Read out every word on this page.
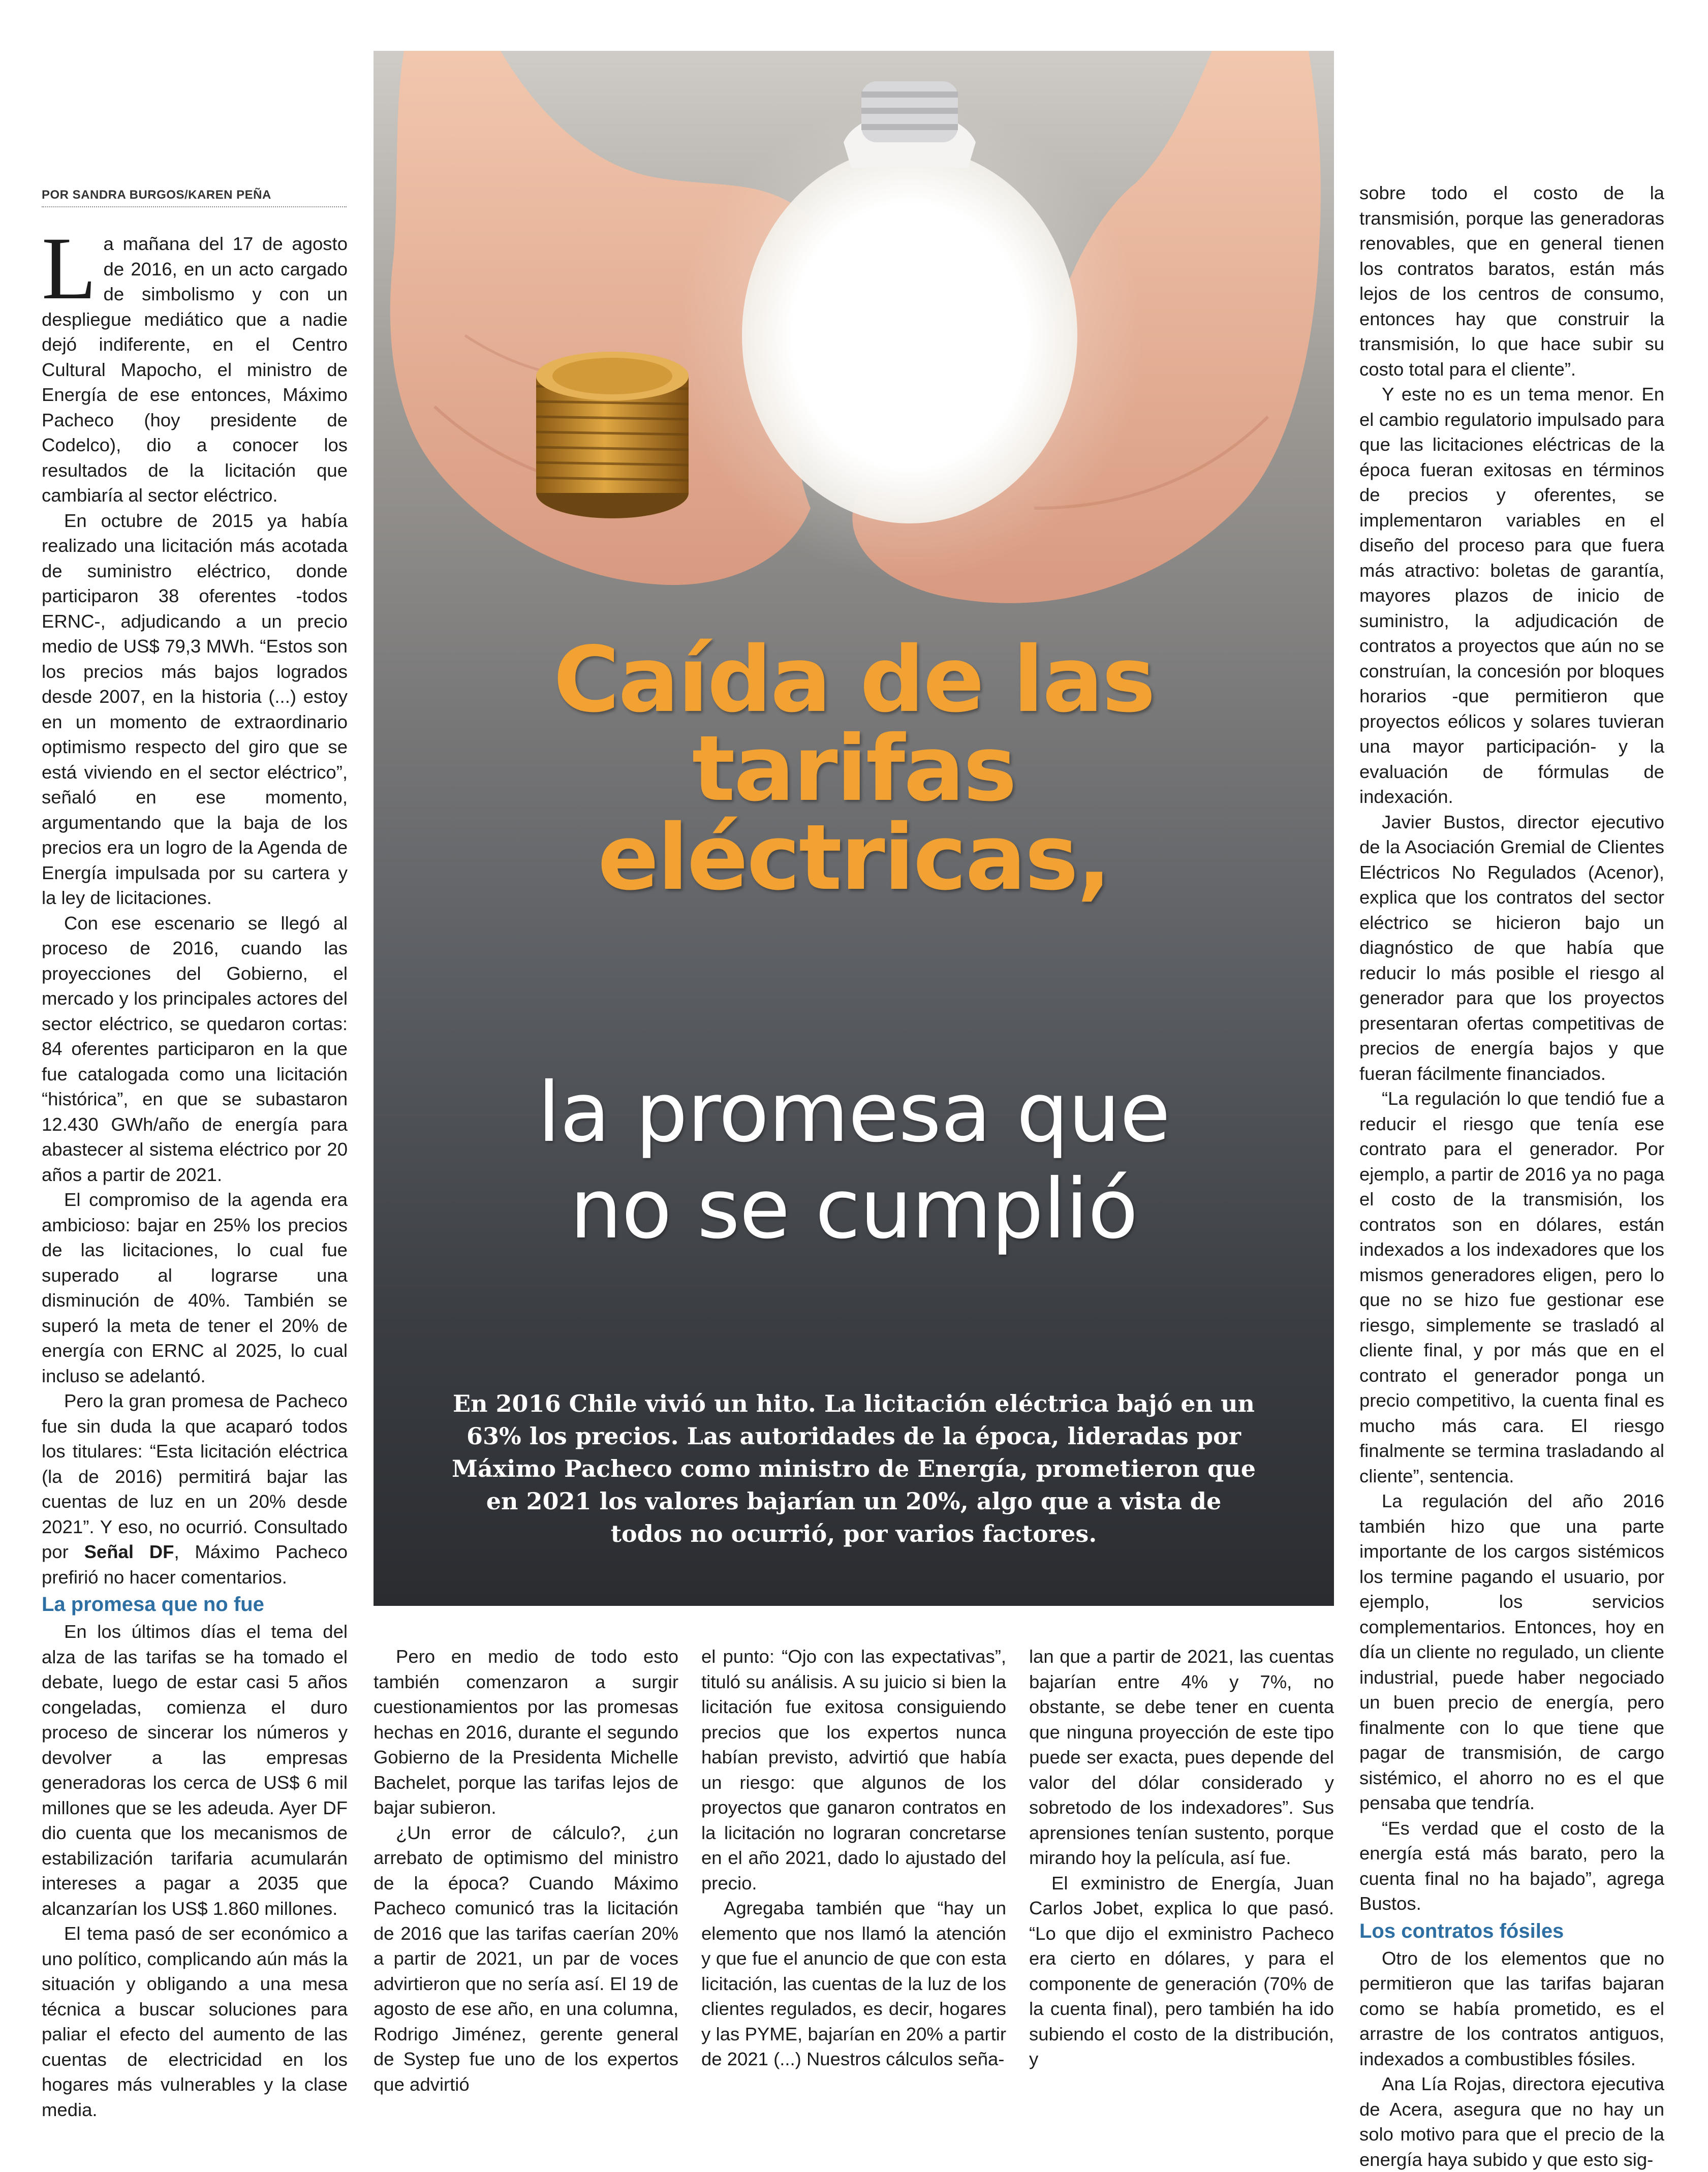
POR SANDRA BURGOS/KAREN PEÑA

La mañana del 17 de agosto de 2016, en un acto cargado de simbolismo y con un despliegue mediático que a nadie dejó indiferente, en el Centro Cultural Mapocho, el ministro de Energía de ese entonces, Máximo Pacheco (hoy presidente de Codelco), dio a conocer los resultados de la licitación que cambiaría al sector eléctrico.

En octubre de 2015 ya había realizado una licitación más acotada de suministro eléctrico, donde participaron 38 oferentes -todos ERNC-, adjudicando a un precio medio de US$ 79,3 MWh. “Estos son los precios más bajos logrados desde 2007, en la historia (...) estoy en un momento de extraordinario optimismo respecto del giro que se está viviendo en el sector eléctrico”, señaló en ese momento, argumentando que la baja de los precios era un logro de la Agenda de Energía impulsada por su cartera y la ley de licitaciones.

Con ese escenario se llegó al proceso de 2016, cuando las proyecciones del Gobierno, el mercado y los principales actores del sector eléctrico, se quedaron cortas: 84 oferentes participaron en la que fue catalogada como una licitación “histórica”, en que se subastaron 12.430 GWh/año de energía para abastecer al sistema eléctrico por 20 años a partir de 2021.

El compromiso de la agenda era ambicioso: bajar en 25% los precios de las licitaciones, lo cual fue superado al lograrse una disminución de 40%. También se superó la meta de tener el 20% de energía con ERNC al 2025, lo cual incluso se adelantó.

Pero la gran promesa de Pacheco fue sin duda la que acaparó todos los titulares: “Esta licitación eléctrica (la de 2016) permitirá bajar las cuentas de luz en un 20% desde 2021”. Y eso, no ocurrió. Consultado por Señal DF, Máximo Pacheco prefirió no hacer comentarios.

La promesa que no fue

En los últimos días el tema del alza de las tarifas se ha tomado el debate, luego de estar casi 5 años congeladas, comienza el duro proceso de sincerar los números y devolver a las empresas generadoras los cerca de US$ 6 mil millones que se les adeuda. Ayer DF dio cuenta que los mecanismos de estabilización tarifaria acumularán intereses a pagar a 2035 que alcanzarían los US$ 1.860 millones.

El tema pasó de ser económico a uno político, complicando aún más la situación y obligando a una mesa técnica a buscar soluciones para paliar el efecto del aumento de las cuentas de electricidad en los hogares más vulnerables y la clase media.

Caída de las
tarifas
eléctricas,
la promesa que
no se cumplió
En 2016 Chile vivió un hito. La licitación eléctrica bajó en un 63% los precios. Las autoridades de la época, lideradas por Máximo Pacheco como ministro de Energía, prometieron que en 2021 los valores bajarían un 20%, algo que a vista de todos no ocurrió, por varios factores.

Pero en medio de todo esto también comenzaron a surgir cuestionamientos por las promesas hechas en 2016, durante el segundo Gobierno de la Presidenta Michelle Bachelet, porque las tarifas lejos de bajar subieron.

¿Un error de cálculo?, ¿un arrebato de optimismo del ministro de la época? Cuando Máximo Pacheco comunicó tras la licitación de 2016 que las tarifas caerían 20% a partir de 2021, un par de voces advirtieron que no sería así. El 19 de agosto de ese año, en una columna, Rodrigo Jiménez, gerente general de Systep fue uno de los expertos que advirtió

el punto: “Ojo con las expectativas”, tituló su análisis. A su juicio si bien la licitación fue exitosa consiguiendo precios que los expertos nunca habían previsto, advirtió que había un riesgo: que algunos de los proyectos que ganaron contratos en la licitación no lograran concretarse en el año 2021, dado lo ajustado del precio.

Agregaba también que “hay un elemento que nos llamó la atención y que fue el anuncio de que con esta licitación, las cuentas de la luz de los clientes regulados, es decir, hogares y las PYME, bajarían en 20% a partir de 2021 (...) Nuestros cálculos seña-

lan que a partir de 2021, las cuentas bajarían entre 4% y 7%, no obstante, se debe tener en cuenta que ninguna proyección de este tipo puede ser exacta, pues depende del valor del dólar considerado y sobretodo de los indexadores”. Sus aprensiones tenían sustento, porque mirando hoy la película, así fue.

El exministro de Energía, Juan Carlos Jobet, explica lo que pasó. “Lo que dijo el exministro Pacheco era cierto en dólares, y para el componente de generación (70% de la cuenta final), pero también ha ido subiendo el costo de la distribución, y

sobre todo el costo de la transmisión, porque las generadoras renovables, que en general tienen los contratos baratos, están más lejos de los centros de consumo, entonces hay que construir la transmisión, lo que hace subir su costo total para el cliente”.

Y este no es un tema menor. En el cambio regulatorio impulsado para que las licitaciones eléctricas de la época fueran exitosas en términos de precios y oferentes, se implementaron variables en el diseño del proceso para que fuera más atractivo: boletas de garantía, mayores plazos de inicio de suministro, la adjudicación de contratos a proyectos que aún no se construían, la concesión por bloques horarios -que permitieron que proyectos eólicos y solares tuvieran una mayor participación- y la evaluación de fórmulas de indexación.

Javier Bustos, director ejecutivo de la Asociación Gremial de Clientes Eléctricos No Regulados (Acenor), explica que los contratos del sector eléctrico se hicieron bajo un diagnóstico de que había que reducir lo más posible el riesgo al generador para que los proyectos presentaran ofertas competitivas de precios de energía bajos y que fueran fácilmente financiados.

“La regulación lo que tendió fue a reducir el riesgo que tenía ese contrato para el generador. Por ejemplo, a partir de 2016 ya no paga el costo de la transmisión, los contratos son en dólares, están indexados a los indexadores que los mismos generadores eligen, pero lo que no se hizo fue gestionar ese riesgo, simplemente se trasladó al cliente final, y por más que en el contrato el generador ponga un precio competitivo, la cuenta final es mucho más cara. El riesgo finalmente se termina trasladando al cliente”, sentencia.

La regulación del año 2016 también hizo que una parte importante de los cargos sistémicos los termine pagando el usuario, por ejemplo, los servicios complementarios. Entonces, hoy en día un cliente no regulado, un cliente industrial, puede haber negociado un buen precio de energía, pero finalmente con lo que tiene que pagar de transmisión, de cargo sistémico, el ahorro no es el que pensaba que tendría.

“Es verdad que el costo de la energía está más barato, pero la cuenta final no ha bajado”, agrega Bustos.

Los contratos fósiles

Otro de los elementos que no permitieron que las tarifas bajaran como se había prometido, es el arrastre de los contratos antiguos, indexados a combustibles fósiles.

Ana Lía Rojas, directora ejecutiva de Acera, asegura que no hay un solo motivo para que el precio de la energía haya subido y que esto sig-
